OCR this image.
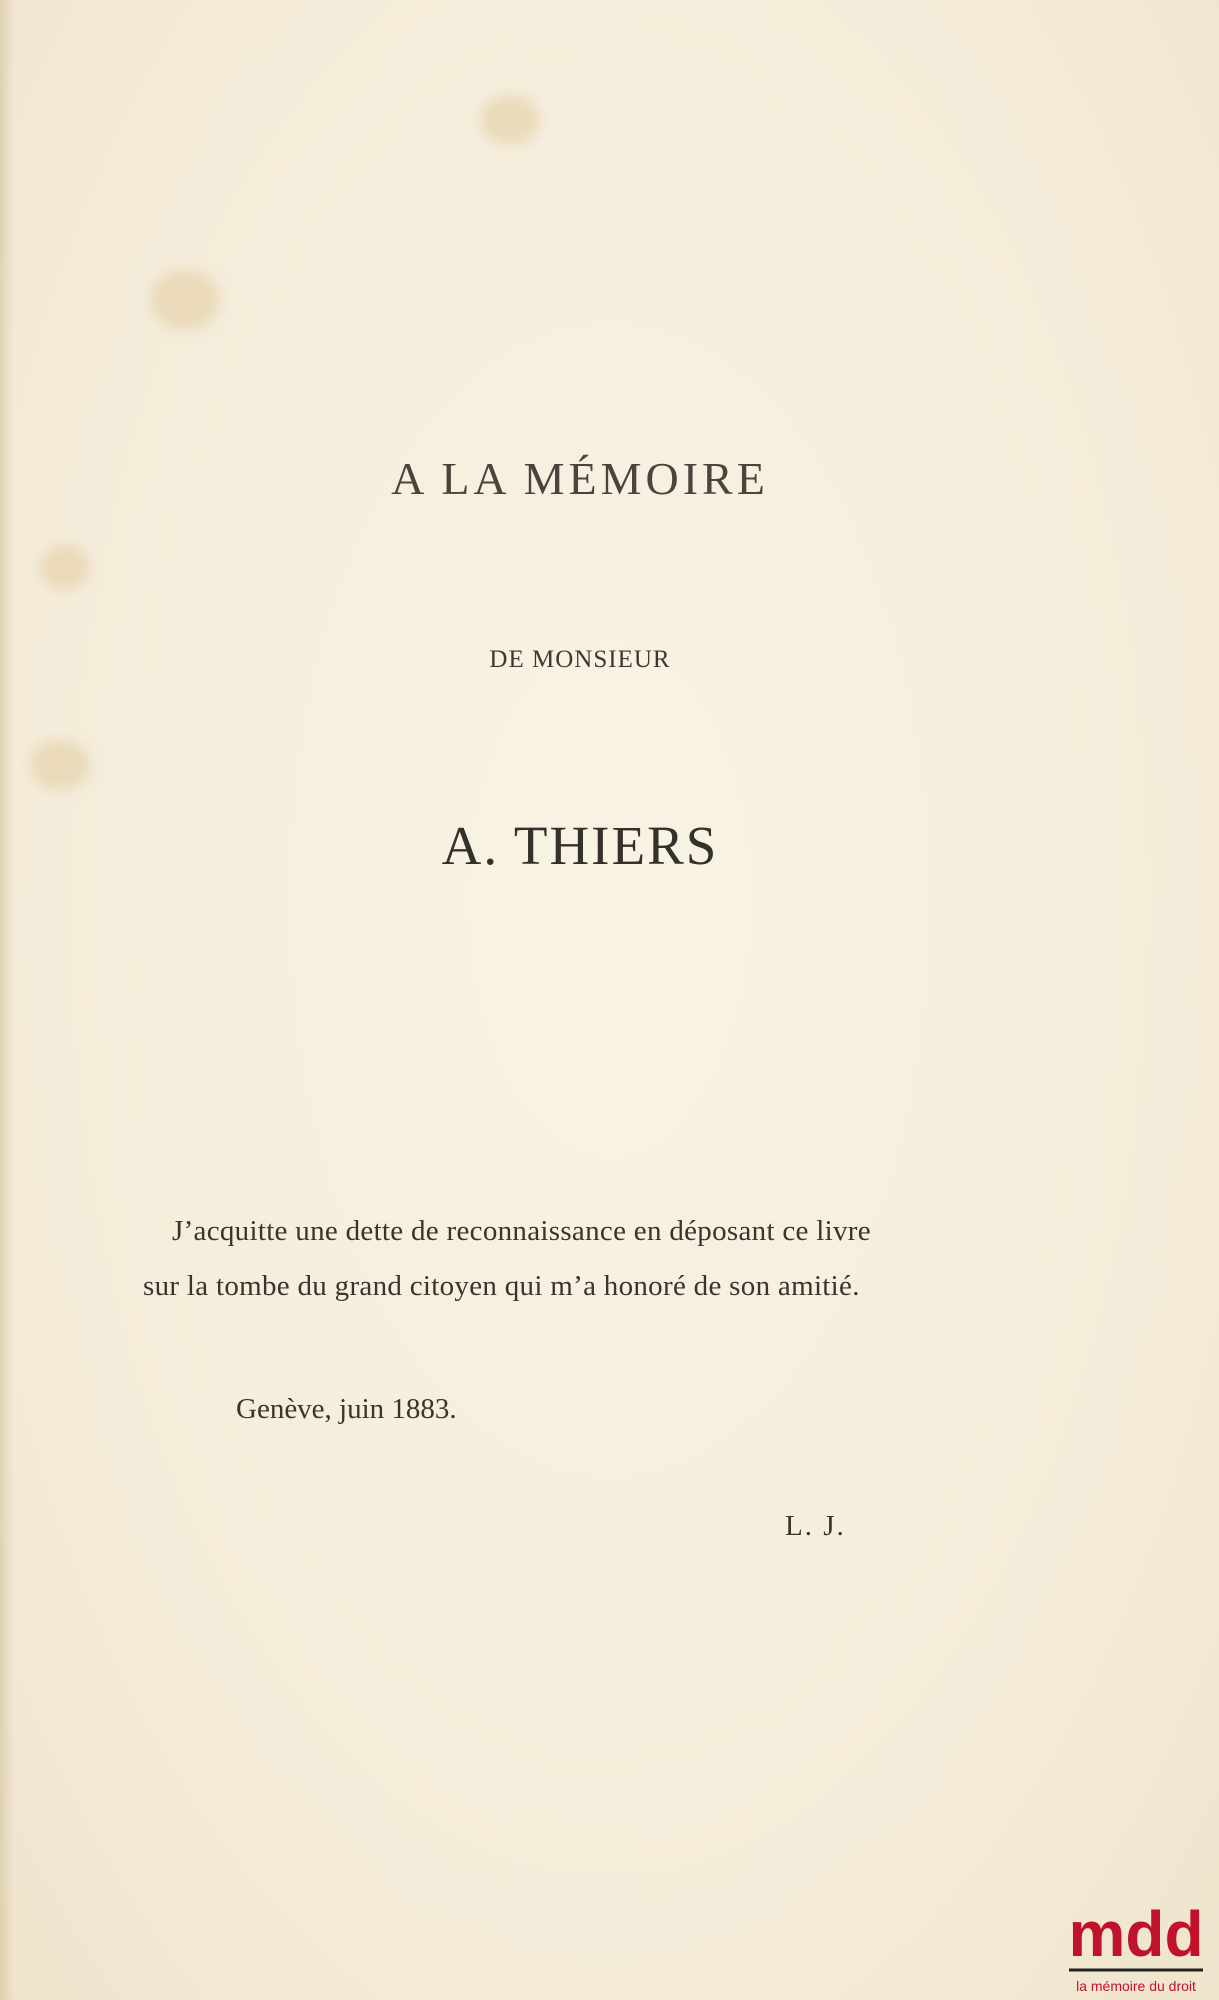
A LA MÉMOIRE
DE MONSIEUR
A. THIERS
J’acquitte une dette de reconnaissance en déposant ce livre
sur la tombe du grand citoyen qui m’a honoré de son amitié.
Genève, juin 1883.
L. J.
mdd
la mémoire du droit
